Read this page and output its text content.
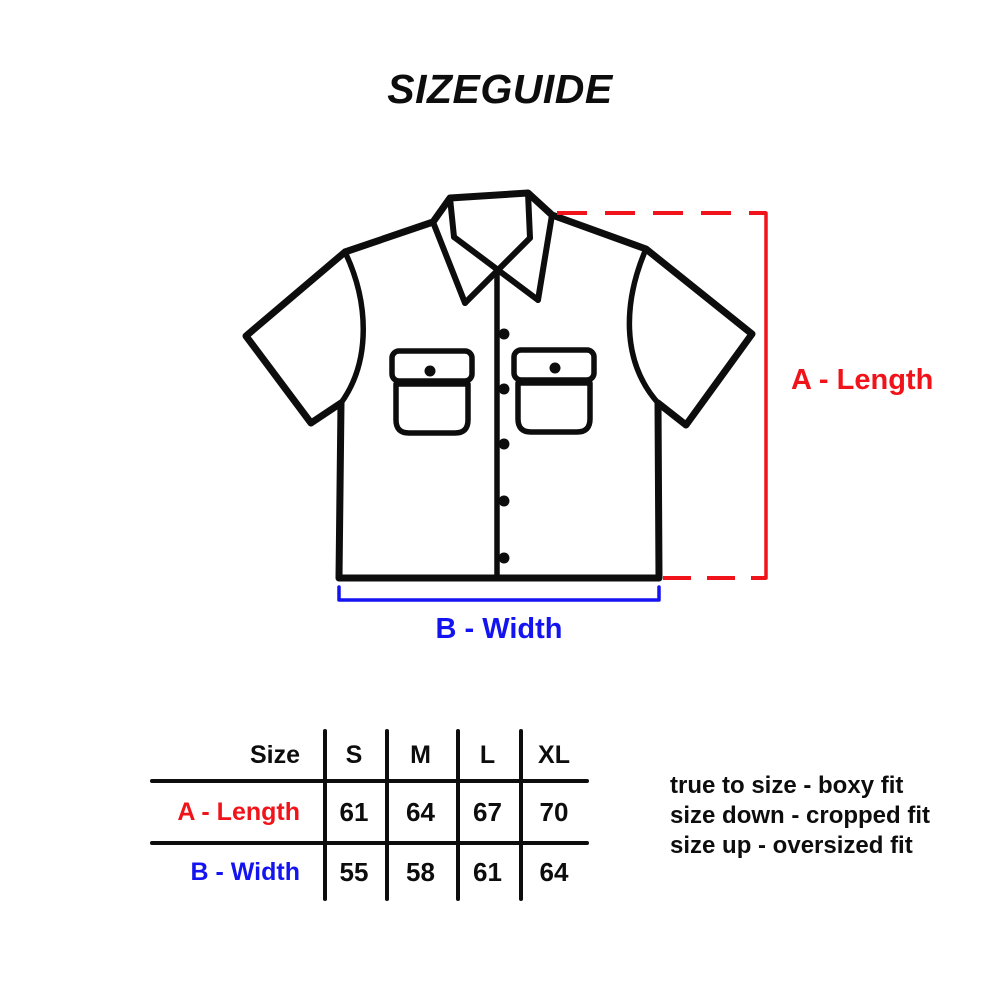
SIZEGUIDE
A - Length
B - Width
Size	S	M	L	XL
A - Length	61	64	67	70
B - Width	55	58	61	64
true to size - boxy fit
size down - cropped fit
size up - oversized fit
